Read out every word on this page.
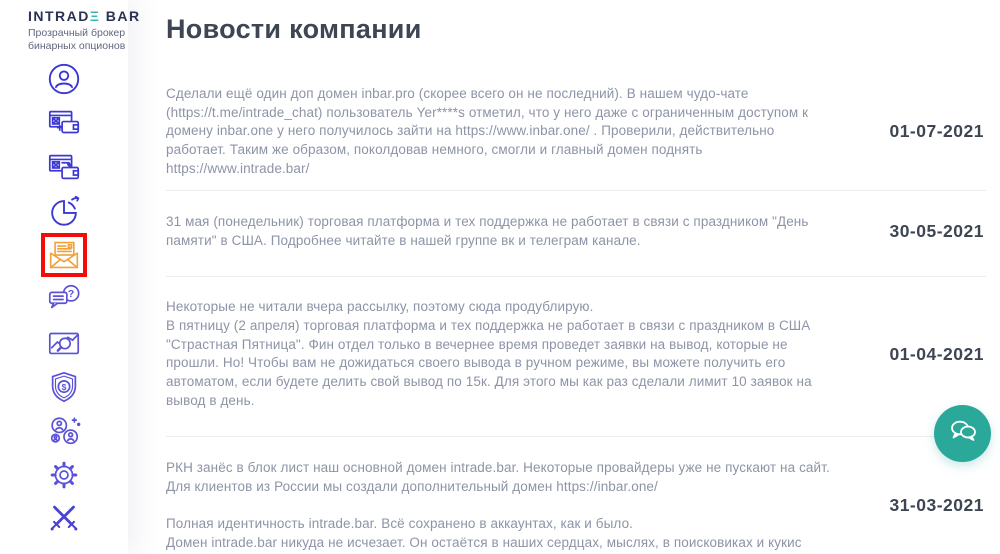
INTRADΞ BAR
Прозрачный брокер
бинарных опционов
?
$
Новости компании

Сделали ещё один доп домен inbar.pro (скорее всего он не последний). В нашем чудо-чате (https://t.me/intrade_chat) пользователь Yer****s отметил, что у него даже с ограниченным доступом к домену inbar.one у него получилось зайти на https://www.inbar.one/ . Проверили, действительно работает. Таким же образом, поколдовав немного, смогли и главный домен поднять https://www.intrade.bar/

01-07-2021

31 мая (понедельник) торговая платформа и тех поддержка не работает в связи с праздником "День памяти" в США. Подробнее читайте в нашей группе вк и телеграм канале.	30-05-2021

Некоторые не читали вчера рассылку, поэтому сюда продублирую.

В пятницу (2 апреля) торговая платформа и тех поддержка не работает в связи с праздником в США "Страстная Пятница". Фин отдел только в вечернее время проведет заявки на вывод, которые не прошли. Но! Чтобы вам не дожидаться своего вывода в ручном режиме, вы можете получить его автоматом, если будете делить свой вывод по 15к. Для этого мы как раз сделали лимит 10 заявок на вывод в день.

01-04-2021

РКН занёс в блок лист наш основной домен intrade.bar. Некоторые провайдеры уже не пускают на сайт.

Для клиентов из России мы создали дополнительный домен https://inbar.one/

Полная идентичность intrade.bar. Всё сохранено в аккаунтах, как и было.

Домен intrade.bar никуда не исчезает. Он остаётся в наших сердцах, мыслях, в поисковиках и кукис

31-03-2021
